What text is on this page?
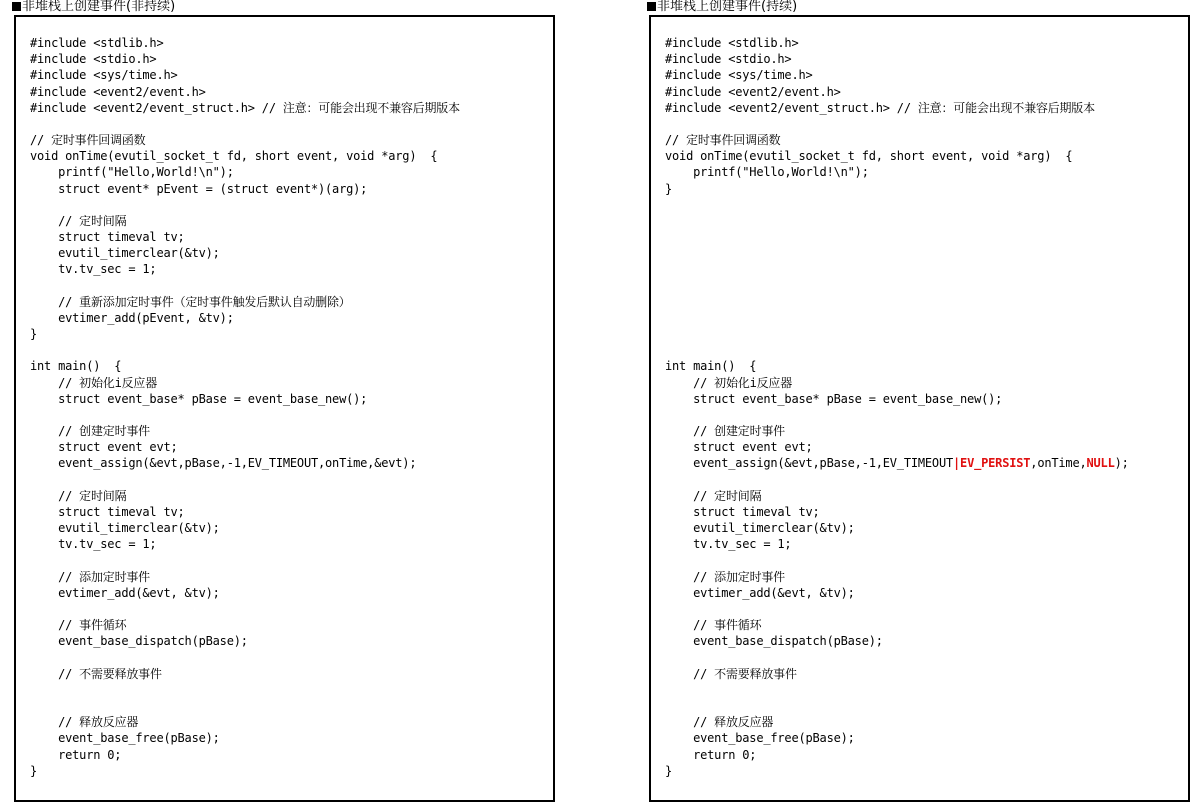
非堆栈上创建事件(非持续)	非堆栈上创建事件(持续)
#include <stdlib.h>
#include <stdio.h>
#include <sys/time.h>
#include <event2/event.h>
#include <event2/event_struct.h> // 注意：可能会出现不兼容后期版本
// 定时事件回调函数
void onTime(evutil_socket_t fd, short event, void *arg)  {
printf("Hello,World!\n");
struct event* pEvent = (struct event*)(arg);
// 定时间隔
struct timeval tv;
evutil_timerclear(&tv);
tv.tv_sec = 1;
// 重新添加定时事件（定时事件触发后默认自动删除）
evtimer_add(pEvent, &tv);
}
int main()  {
// 初始化i反应器
struct event_base* pBase = event_base_new();
// 创建定时事件
struct event evt;
event_assign(&evt,pBase,-1,EV_TIMEOUT,onTime,&evt);
// 定时间隔
struct timeval tv;
evutil_timerclear(&tv);
tv.tv_sec = 1;
// 添加定时事件
evtimer_add(&evt, &tv);
// 事件循环
event_base_dispatch(pBase);
// 不需要释放事件
// 释放反应器
event_base_free(pBase);
return 0;
}
#include <stdlib.h>
#include <stdio.h>
#include <sys/time.h>
#include <event2/event.h>
#include <event2/event_struct.h> // 注意：可能会出现不兼容后期版本
// 定时事件回调函数
void onTime(evutil_socket_t fd, short event, void *arg)  {
printf("Hello,World!\n");
}
int main()  {
// 初始化i反应器
struct event_base* pBase = event_base_new();
// 创建定时事件
struct event evt;
event_assign(&evt,pBase,-1,EV_TIMEOUT|EV_PERSIST,onTime,NULL);
// 定时间隔
struct timeval tv;
evutil_timerclear(&tv);
tv.tv_sec = 1;
// 添加定时事件
evtimer_add(&evt, &tv);
// 事件循环
event_base_dispatch(pBase);
// 不需要释放事件
// 释放反应器
event_base_free(pBase);
return 0;
}
